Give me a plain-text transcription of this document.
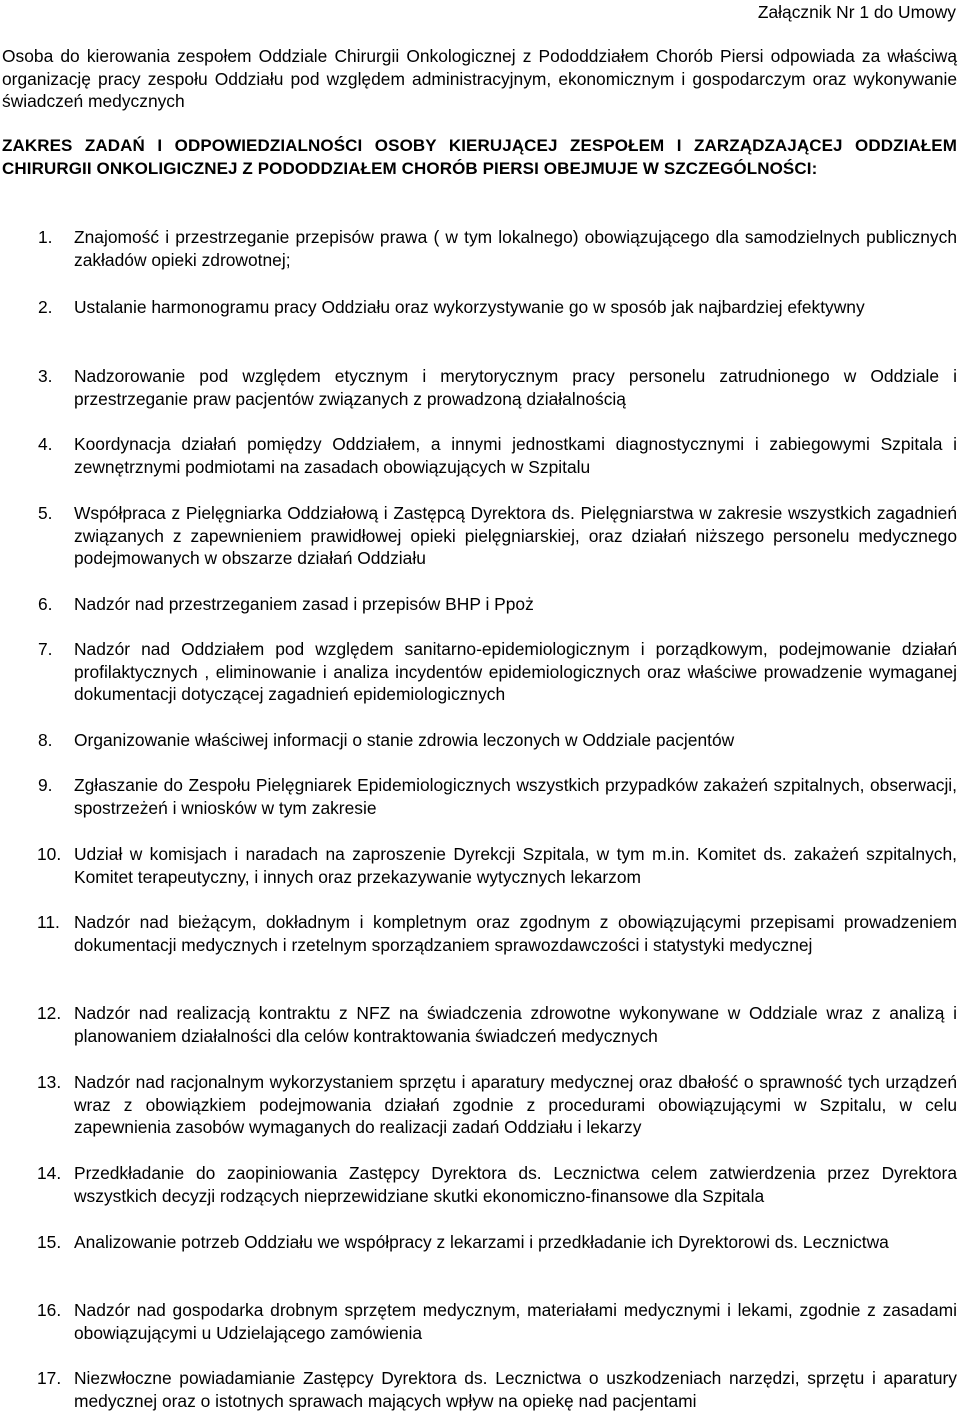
Załącznik Nr 1 do Umowy

Osoba do kierowania zespołem Oddziale Chirurgii Onkologicznej z Pododdziałem Chorób Piersi odpowiada za właściwą organizację pracy zespołu Oddziału pod względem administracyjnym, ekonomicznym i gospodarczym oraz wykonywanie świadczeń medycznych

ZAKRES ZADAŃ I ODPOWIEDZIALNOŚCI OSOBY KIERUJĄCEJ ZESPOŁEM I ZARZĄDZAJĄCEJ ODDZIAŁEM CHIRURGII ONKOLIGICZNEJ Z PODODDZIAŁEM CHORÓB PIERSI OBEJMUJE W SZCZEGÓLNOŚCI:
1. Znajomość i przestrzeganie przepisów prawa ( w tym lokalnego) obowiązującego dla samodzielnych publicznych zakładów opieki zdrowotnej;
2. Ustalanie harmonogramu pracy Oddziału oraz wykorzystywanie go w sposób jak najbardziej efektywny
3. Nadzorowanie pod względem etycznym i merytorycznym pracy personelu zatrudnionego w Oddziale i przestrzeganie praw pacjentów związanych z prowadzoną działalnością
4. Koordynacja działań pomiędzy Oddziałem, a innymi jednostkami diagnostycznymi i zabiegowymi Szpitala i zewnętrznymi podmiotami na zasadach obowiązujących w Szpitalu
5. Współpraca z Pielęgniarka Oddziałową i Zastępcą Dyrektora ds. Pielęgniarstwa w zakresie wszystkich zagadnień związanych z zapewnieniem prawidłowej opieki pielęgniarskiej, oraz działań niższego personelu medycznego podejmowanych w obszarze działań Oddziału
6. Nadzór nad przestrzeganiem zasad i przepisów BHP i Ppoż
7. Nadzór nad Oddziałem pod względem sanitarno-epidemiologicznym i porządkowym, podejmowanie działań profilaktycznych , eliminowanie i analiza incydentów epidemiologicznych oraz właściwe prowadzenie wymaganej dokumentacji dotyczącej zagadnień epidemiologicznych
8. Organizowanie właściwej informacji o stanie zdrowia leczonych w Oddziale pacjentów
9. Zgłaszanie do Zespołu Pielęgniarek Epidemiologicznych wszystkich przypadków zakażeń szpitalnych, obserwacji, spostrzeżeń i wniosków w tym zakresie
10. Udział w komisjach i naradach na zaproszenie Dyrekcji Szpitala, w tym m.in. Komitet ds. zakażeń szpitalnych, Komitet terapeutyczny, i innych oraz przekazywanie wytycznych lekarzom
11. Nadzór nad bieżącym, dokładnym i kompletnym oraz zgodnym z obowiązującymi przepisami prowadzeniem dokumentacji medycznych i rzetelnym sporządzaniem sprawozdawczości i statystyki medycznej
12. Nadzór nad realizacją kontraktu z NFZ na świadczenia zdrowotne wykonywane w Oddziale wraz z analizą i planowaniem działalności dla celów kontraktowania świadczeń medycznych
13. Nadzór nad racjonalnym wykorzystaniem sprzętu i aparatury medycznej oraz dbałość o sprawność tych urządzeń wraz z obowiązkiem podejmowania działań zgodnie z procedurami obowiązującymi w Szpitalu, w celu zapewnienia zasobów wymaganych do realizacji zadań Oddziału i lekarzy
14. Przedkładanie do zaopiniowania Zastępcy Dyrektora ds. Lecznictwa celem zatwierdzenia przez Dyrektora wszystkich decyzji rodzących nieprzewidziane skutki ekonomiczno-finansowe dla Szpitala
15. Analizowanie potrzeb Oddziału we współpracy z lekarzami i przedkładanie ich Dyrektorowi ds. Lecznictwa
16. Nadzór nad gospodarka drobnym sprzętem medycznym, materiałami medycznymi i lekami, zgodnie z zasadami obowiązującymi u Udzielającego zamówienia
17. Niezwłoczne powiadamianie Zastępcy Dyrektora ds. Lecznictwa o uszkodzeniach narzędzi, sprzętu i aparatury medycznej oraz o istotnych sprawach mających wpływ na opiekę nad pacjentami
